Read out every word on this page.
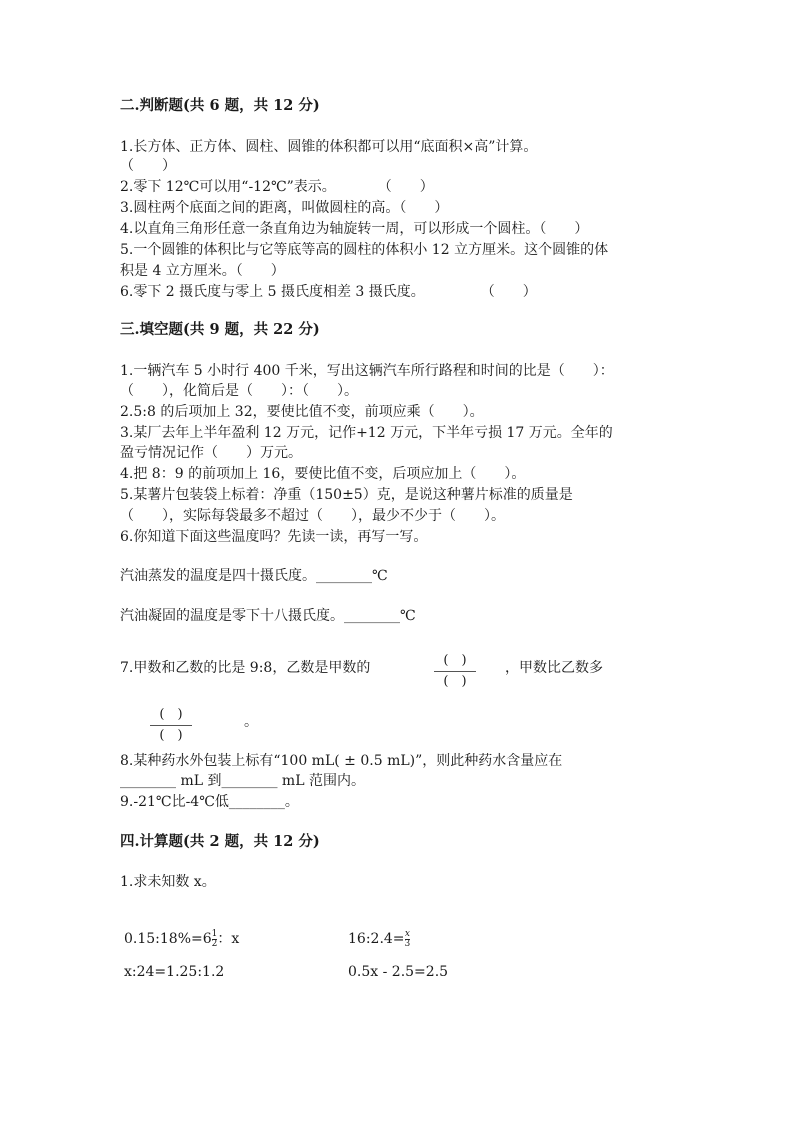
二.判断题(共 6 题，共 12 分)
1.长方体、正方体、圆柱、圆锥的体积都可以用“底面积×高”计算。
（　　）
2.零下 12℃可以用“-12℃”表示。　　　　（　　）
3.圆柱两个底面之间的距离，叫做圆柱的高。（　　）
4.以直角三角形任意一条直角边为轴旋转一周，可以形成一个圆柱。（　　）
5.一个圆锥的体积比与它等底等高的圆柱的体积小 12 立方厘米。这个圆锥的体
积是 4 立方厘米。（　　）
6.零下 2 摄氏度与零上 5 摄氏度相差 3 摄氏度。　　　　　（　　）
三.填空题(共 9 题，共 22 分)
1.一辆汽车 5 小时行 400 千米，写出这辆汽车所行路程和时间的比是（　　）：
（　　），化简后是（　　）：（　　）。
2.5:8 的后项加上 32，要使比值不变，前项应乘（　　）。
3.某厂去年上半年盈利 12 万元，记作+12 万元，下半年亏损 17 万元。全年的
盈亏情况记作（　　）万元。
4.把 8：9 的前项加上 16，要使比值不变，后项应加上（　　）。
5.某薯片包装袋上标着：净重（150±5）克，是说这种薯片标准的质量是
（　　），实际每袋最多不超过（　　），最少不少于（　　）。
6.你知道下面这些温度吗？先读一读，再写一写。
汽油蒸发的温度是四十摄氏度。________℃
汽油凝固的温度是零下十八摄氏度。________℃
7.甲数和乙数的比是 9:8，乙数是甲数的	(　)
(　)
，甲数比乙数多
(　)
(　)
。
8.某种药水外包装上标有“100 mL( ± 0.5 mL)”，则此种药水含量应在
________ mL 到________ mL 范围内。
9.-21℃比-4℃低________。
四.计算题(共 2 题，共 12 分)
1.求未知数 x。
0.15:18%=6 $\frac{1}{2}$ ：x	16:2.4= $\frac{x}{3}$
x:24=1.25:1.2	0.5x - 2.5=2.5
